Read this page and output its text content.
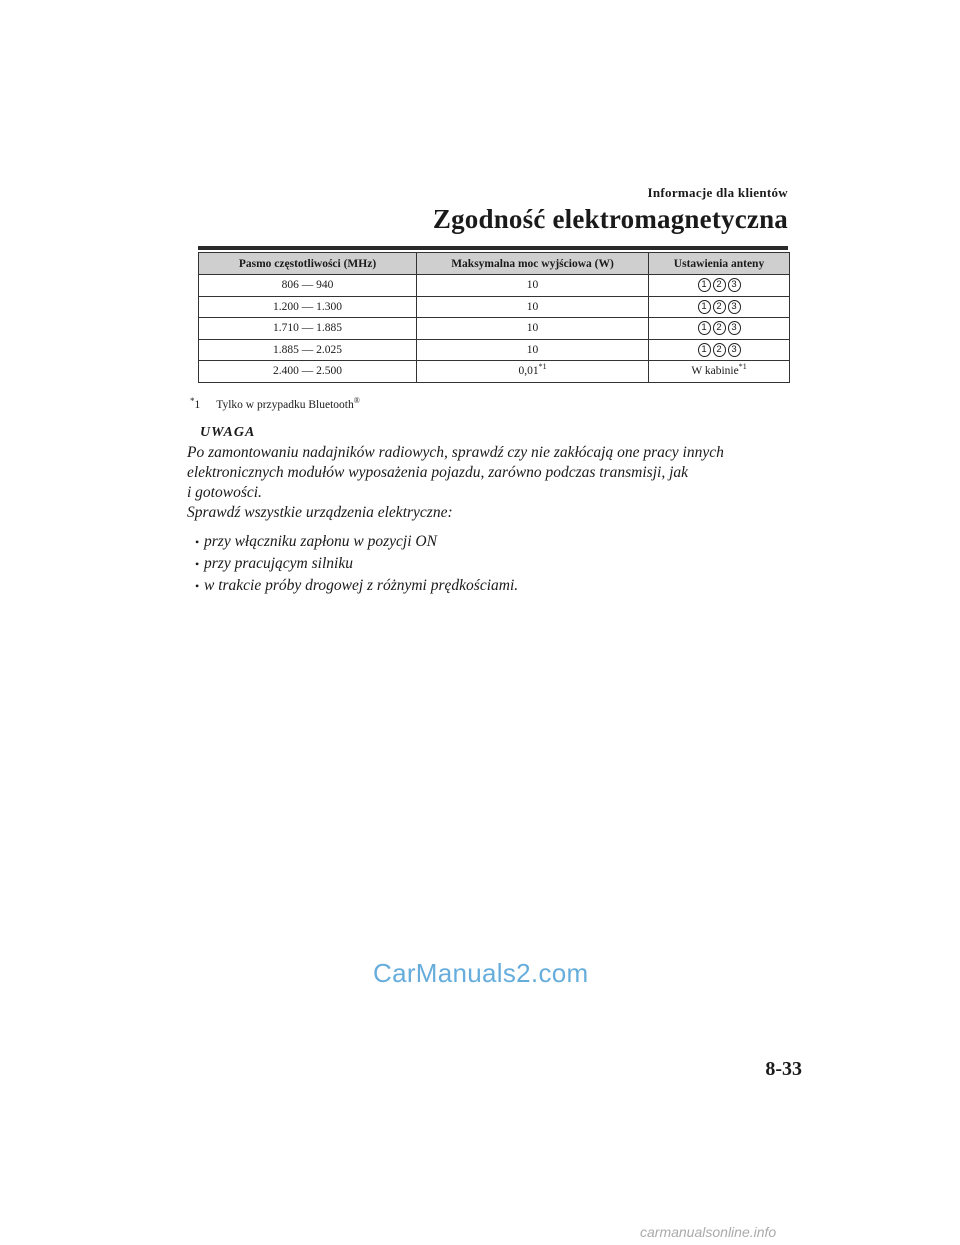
Informacje dla klientów
Zgodność elektromagnetyczna
Pasmo częstotliwości (MHz)	Maksymalna moc wyjściowa (W)	Ustawienia anteny
806 — 940	10	1 2 3
1.200 — 1.300	10	1 2 3
1.710 — 1.885	10	1 2 3
1.885 — 2.025	10	1 2 3
2.400 — 2.500	0,01$^{*1}$	W kabinie$^{*1}$
*1 Tylko w przypadku Bluetooth®
UWAGA

Po zamontowaniu nadajników radiowych, sprawdź czy nie zakłócają one pracy innych

elektronicznych modułów wyposażenia pojazdu, zarówno podczas transmisji, jak

i gotowości.

Sprawdź wszystkie urządzenia elektryczne:

• przy włączniku zapłonu w pozycji ON
• przy pracującym silniku
• w trakcie próby drogowej z różnymi prędkościami.
CarManuals2.com
8-33
carmanualsonline.info
